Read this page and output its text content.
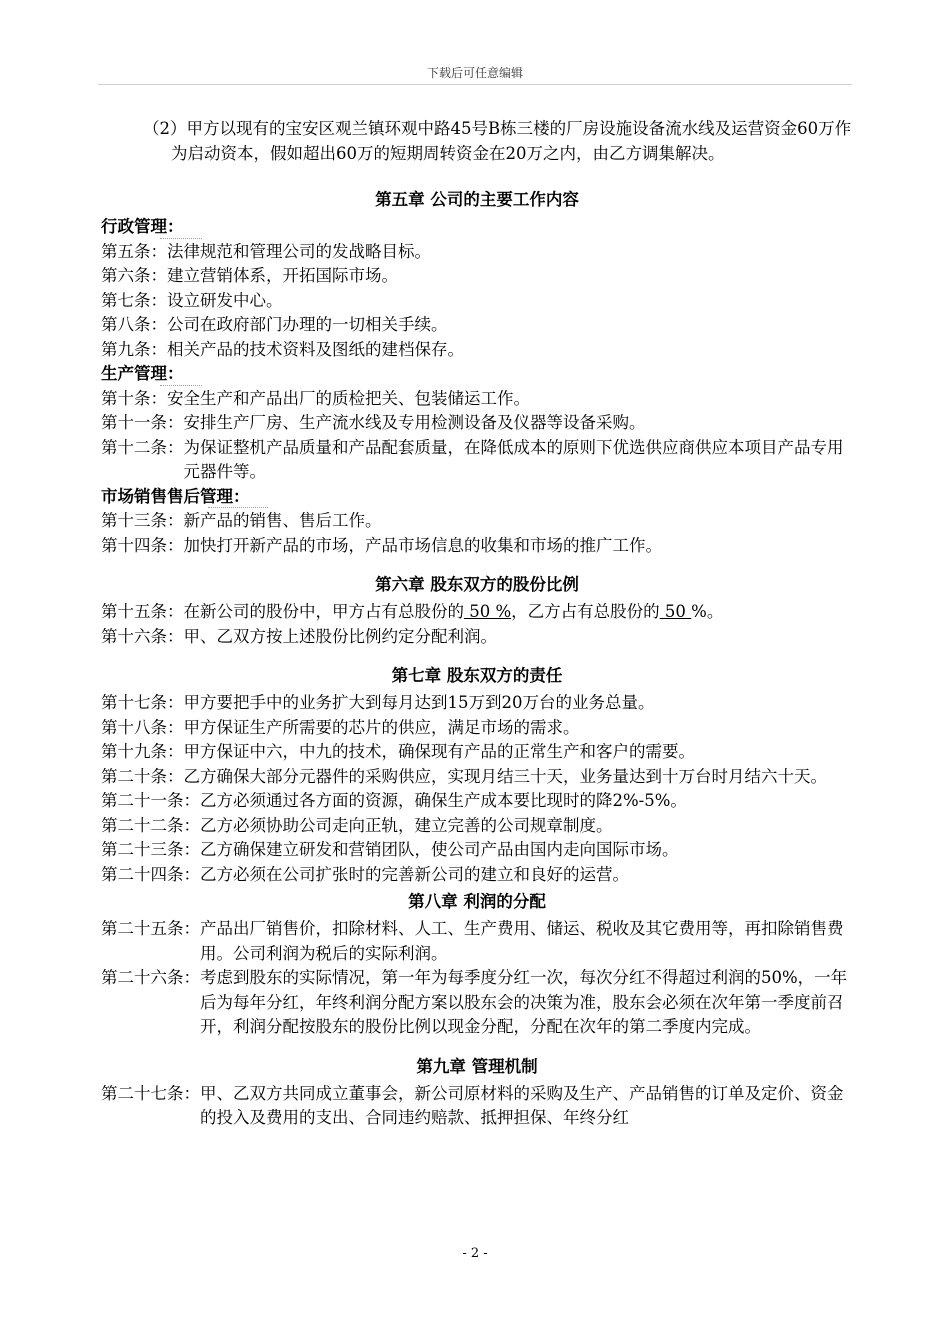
下载后可任意编辑

（2）甲方以现有的宝安区观兰镇环观中路45号B栋三楼的厂房设施设备流水线及运营资金60万作为启动资本，假如超出60万的短期周转资金在20万之内，由乙方调集解决。

第五章 公司的主要工作内容

行政管理：
第五条： 法律规范和管理公司的发战略目标。
第六条： 建立营销体系，开拓国际市场。
第七条： 设立研发中心。
第八条： 公司在政府部门办理的一切相关手续。
第九条： 相关产品的技术资料及图纸的建档保存。
生产管理：
第十条： 安全生产和产品出厂的质检把关、包装储运工作。
第十一条： 安排生产厂房、生产流水线及专用检测设备及仪器等设备采购。
第十二条： 为保证整机产品质量和产品配套质量，在降低成本的原则下优选供应商供应本项目产品专用元器件等。
市场销售售后管理：
第十三条： 新产品的销售、售后工作。
第十四条： 加快打开新产品的市场，产品市场信息的收集和市场的推广工作。

第六章 股东双方的股份比例

第十五条： 在新公司的股份中，甲方占有总股份的 50 %，乙方占有总股份的 50 %。
第十六条： 甲、乙双方按上述股份比例约定分配利润。

第七章 股东双方的责任

第十七条： 甲方要把手中的业务扩大到每月达到15万到20万台的业务总量。
第十八条： 甲方保证生产所需要的芯片的供应，满足市场的需求。
第十九条： 甲方保证中六，中九的技术，确保现有产品的正常生产和客户的需要。
第二十条： 乙方确保大部分元器件的采购供应，实现月结三十天，业务量达到十万台时月结六十天。
第二十一条： 乙方必须通过各方面的资源，确保生产成本要比现时的降2%-5%。
第二十二条： 乙方必须协助公司走向正轨，建立完善的公司规章制度。
第二十三条： 乙方确保建立研发和营销团队，使公司产品由国内走向国际市场。
第二十四条： 乙方必须在公司扩张时的完善新公司的建立和良好的运营。

第八章 利润的分配

第二十五条： 产品出厂销售价，扣除材料、人工、生产费用、储运、税收及其它费用等，再扣除销售费用。公司利润为税后的实际利润。
第二十六条： 考虑到股东的实际情况，第一年为每季度分红一次，每次分红不得超过利润的50%，一年后为每年分红，年终利润分配方案以股东会的决策为准，股东会必须在次年第一季度前召开，利润分配按股东的股份比例以现金分配，分配在次年的第二季度内完成。

第九章 管理机制

第二十七条： 甲、乙双方共同成立董事会，新公司原材料的采购及生产、产品销售的订单及定价、资金的投入及费用的支出、合同违约赔款、抵押担保、年终分红
- 2 -
